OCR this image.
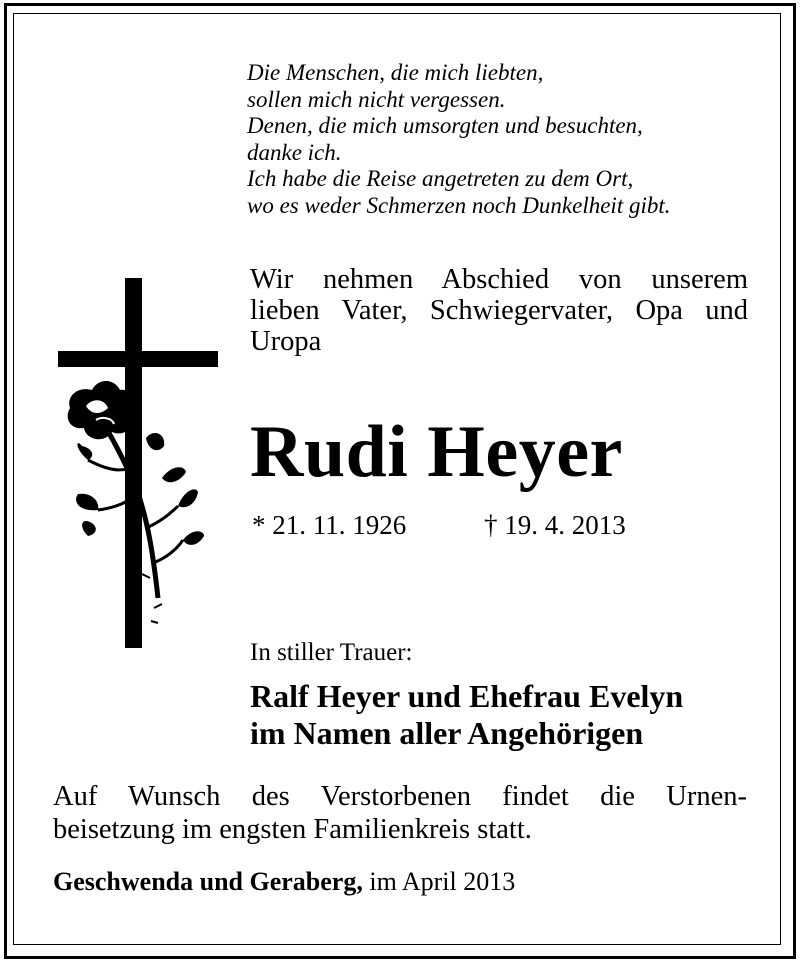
Die Menschen, die mich liebten,
sollen mich nicht vergessen.
Denen, die mich umsorgten und besuchten,
danke ich.
Ich habe die Reise angetreten zu dem Ort,
wo es weder Schmerzen noch Dunkelheit gibt.
Wir nehmen Abschied von unserem
lieben Vater, Schwiegervater, Opa und
Uropa
Rudi Heyer
* 21. 11. 1926	† 19. 4. 2013
In stiller Trauer:
Ralf Heyer und Ehefrau Evelyn
im Namen aller Angehörigen
Auf Wunsch des Verstorbenen findet die Urnen-
beisetzung im engsten Familienkreis statt.
Geschwenda und Geraberg, im April 2013
